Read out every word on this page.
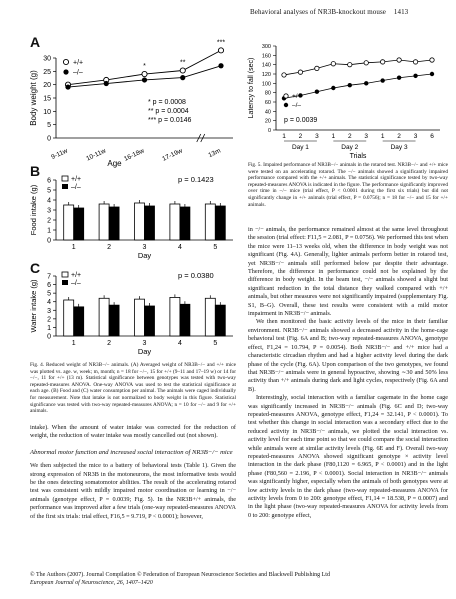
Behavioral analyses of NR3B-knockout mouse 1413
A
0
5
10
15
20
25
30
Body weight (g)
9-11w	10-11w 16-18w 17-19w	13m
Age
*
**
***
+/+
–/–
* p = 0.0008
** p = 0.0004
*** p = 0.0146
B
0
1
2
3
4
5
6
Food intake (g)
1	2	3	4	5
Day
+/+
–/–
p = 0.1423
C
0
1
2
3
4
5
6
7
Water intake (g)
1	2	3	4	5
Day
+/+
–/–
p = 0.0380
Fig. 4. Reduced weight of NR3B−/− animals. (A) Averaged weight of NR3B−/− and +/+ mice was plotted vs. age. w, week; m, month; n = 18 for −/−, 15 for +/+ (9–11 and 17–19 w) or 14 for −/−, 11 for +/+ (13 m). Statistical significance between genotypes was tested with two-way repeated-measures ANOVA. One-way ANOVA was used to test the statistical significance at each age. (B) Food and (C) water consumption per animal. The animals were caged individually for measurement. Note that intake is not normalized to body weight in this figure. Statistical significance was tested with two-way repeated-measures ANOVA; n = 10 for −/− and 9 for +/+ animals.
0
20
40
60
80
100
120
140
160
300
Latency to fall (sec)
1 2 3 1 2 3 1 2 3 6
Day 1	Day 2	Day 3
Trials
+/+
–/–
p = 0.0039
Fig. 5. Impaired performance of NR3B−/− animals in the rotarod test. NR3B−/− and +/+ mice were tested on an accelerating rotarod. The −/− animals showed a significantly impaired performance compared with the +/+ animals. The statistical significance tested by two-way repeated-measures ANOVA is indicated in the figure. The performance significantly improved over time in −/− mice (trial effect, P < 0.0001 during the first six trials) but did not significantly change in +/+ animals (trial effect, P = 0.0756); n = 18 for −/− and 15 for +/+ animals.
intake). When the amount of water intake was corrected for the reduction of weight, the reduction of water intake was mostly cancelled out (not shown).
Abnormal motor function and increased social interaction of NR3B−/− mice
We then subjected the mice to a battery of behavioral tests (Table 1). Given the strong expression of NR3B in the motoneurons, the most informative tests would be the ones detecting somatomotor abilities. The result of the accelerating rotarod test was consistent with mildly impaired motor coordination or learning in −/− animals (genotype effect, P = 0.0039; Fig. 5). In the NR3B+/+ animals, the performance was improved after a few trials (one-way repeated-measures ANOVA of the first six trials: trial effect, F16,5 = 9.719, P < 0.0001); however,
in −/− animals, the performance remained almost at the same level throughout the session (trial effect: F11,5 = 2.081, P = 0.0756). We performed this test when the mice were 11–13 weeks old, when the difference in body weight was not significant (Fig. 4A). Generally, lighter animals perform better in rotarod test, yet NR3B−/− animals still performed below par despite their advantage. Therefore, the difference in performance could not be explained by the difference in body weight. In the beam test, −/− animals showed a slight but significant reduction in the total distance they walked compared with +/+ animals, but other measures were not significantly impaired (supplementary Fig. S1, B–G). Overall, these test results were consistent with a mild motor impairment in NR3B−/− animals.
We then monitored the basic activity levels of the mice in their familiar environment. NR3B−/− animals showed a decreased activity in the home-cage behavioral test (Fig. 6A and B; two-way repeated-measures ANOVA, genotype effect, F1,24 = 10.794, P = 0.0054). Both NR3B−/− and +/+ mice had a characteristic circadian rhythm and had a higher activity level during the dark phase of the cycle (Fig. 6A). Upon comparison of the two genotypes, we found that NR3B−/− animals were in general hypoactive, showing ∼30 and 50% less activity than +/+ animals during dark and light cycles, respectively (Fig. 6A and B).
Interestingly, social interaction with a familiar cagemate in the home cage was significantly increased in NR3B−/− animals (Fig. 6C and D; two-way repeated-measures ANOVA, genotype effect, F1,24 = 32.141, P < 0.0001). To test whether this change in social interaction was a secondary effect due to the reduced activity in NR3B−/− animals, we plotted the social interaction vs. activity level for each time point so that we could compare the social interaction while animals were at similar activity levels (Fig. 6E and F). Overall two-way repeated-measures ANOVA showed significant genotype × activity level interaction in the dark phase (F80,1120 = 6.965, P < 0.0001) and in the light phase (F80,560 = 2.196, P < 0.0001). Social interaction in NR3B−/− animals was significantly higher, especially when the animals of both genotypes were at low activity levels in the dark phase (two-way repeated-measures ANOVA for activity levels from 0 to 200: genotype effect, F1,14 = 18.538, P = 0.0007) and in the light phase (two-way repeated-measures ANOVA for activity levels from 0 to 200: genotype effect,
© The Authors (2007). Journal Compilation © Federation of European Neuroscience Societies and Blackwell Publishing Ltd
European Journal of Neuroscience, 26, 1407–1420
